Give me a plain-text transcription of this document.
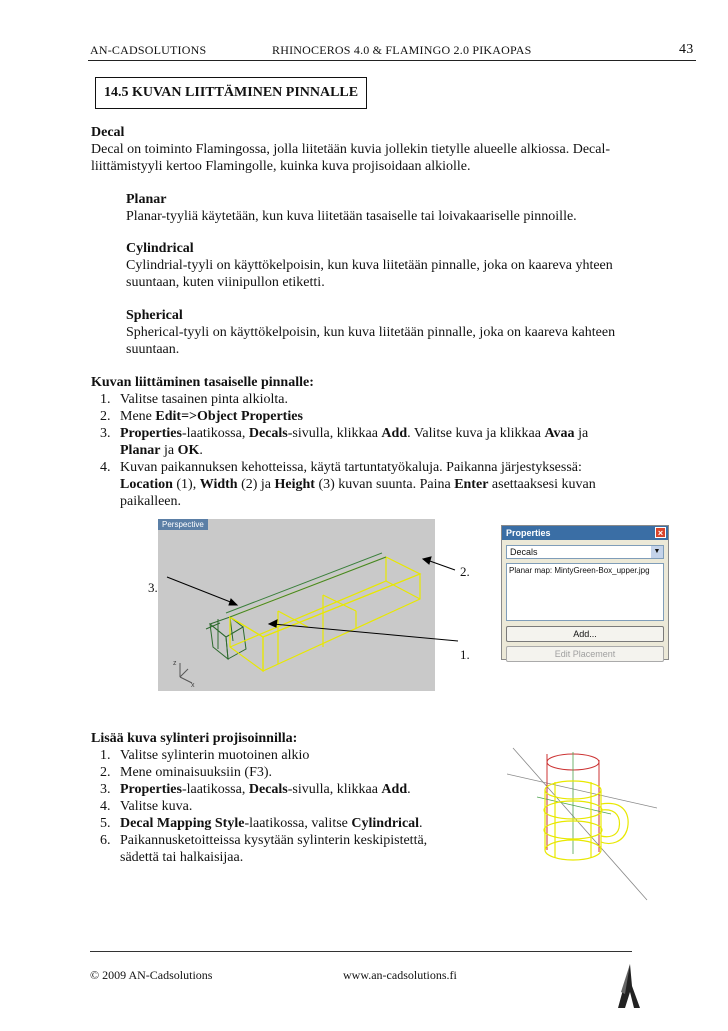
AN-CADSOLUTIONS	RHINOCEROS 4.0 & FLAMINGO 2.0 PIKAOPAS	43
14.5 KUVAN LIITTÄMINEN PINNALLE
Decal
Decal on toiminto Flamingossa, jolla liitetään kuvia jollekin tietylle alueelle alkiossa. Decal-
liittämistyyli kertoo Flamingolle, kuinka kuva projisoidaan alkiolle.
Planar
Planar-tyyliä käytetään, kun kuva liitetään tasaiselle tai loivakaariselle pinnoille.
Cylindrical
Cylindrial-tyyli on käyttökelpoisin, kun kuva liitetään pinnalle, joka on kaareva yhteen
suuntaan, kuten viinipullon etiketti.
Spherical
Spherical-tyyli on käyttökelpoisin, kun kuva liitetään pinnalle, joka on kaareva kahteen
suuntaan.
Kuvan liittäminen tasaiselle pinnalle:
1. Valitse tasainen pinta alkiolta.
2. Mene Edit=>Object Properties
3. Properties-laatikossa, Decals-sivulla, klikkaa Add. Valitse kuva ja klikkaa Avaa ja
Planar ja OK.
4. Kuvan paikannuksen kehotteissa, käytä tartuntatyökaluja. Paikanna järjestyksessä:
Location (1), Width (2) ja Height (3) kuvan suunta. Paina Enter asettaaksesi kuvan
paikalleen.
z
x
Perspective
2.
3.
1.
Properties	×
Decals	▼
Planar map: MintyGreen-Box_upper.jpg
Add...
Edit Placement
Lisää kuva sylinteri projisoinnilla:
1. Valitse sylinterin muotoinen alkio
2. Mene ominaisuuksiin (F3).
3. Properties-laatikossa, Decals-sivulla, klikkaa Add.
4. Valitse kuva.
5. Decal Mapping Style-laatikossa, valitse Cylindrical.
6. Paikannusketoitteissa kysytään sylinterin keskipistettä,
sädettä tai halkaisijaa.
© 2009 AN-Cadsolutions	www.an-cadsolutions.fi
